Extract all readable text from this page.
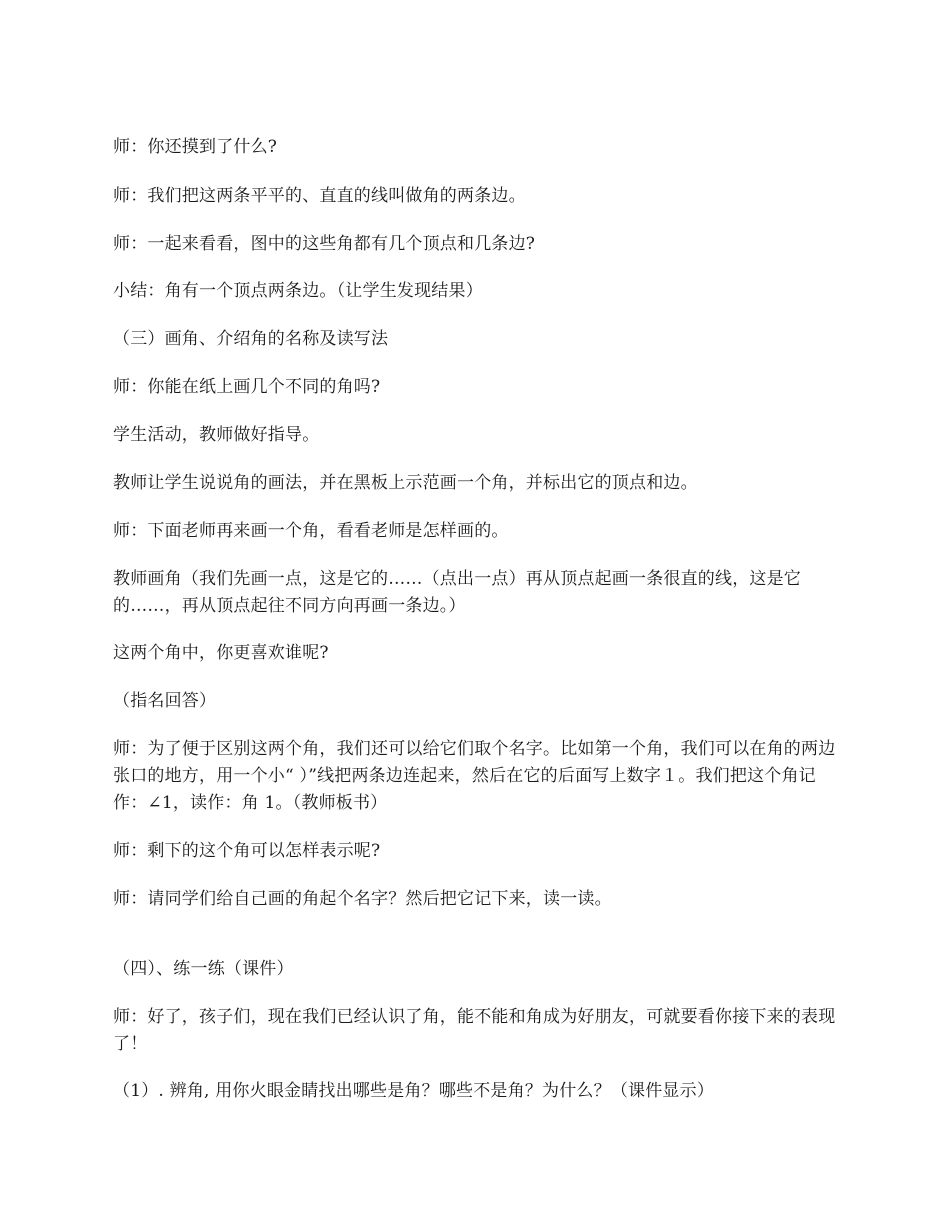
师：你还摸到了什么?
师：我们把这两条平平的、直直的线叫做角的两条边。
师：一起来看看，图中的这些角都有几个顶点和几条边?
小结：角有一个顶点两条边。（让学生发现结果）
（三）画角、介绍角的名称及读写法
师：你能在纸上画几个不同的角吗?
学生活动，教师做好指导。
教师让学生说说角的画法，并在黑板上示范画一个角，并标出它的顶点和边。
师：下面老师再来画一个角，看看老师是怎样画的。
教师画角（我们先画一点，这是它的……（点出一点）再从顶点起画一条很直的线，这是它的……，再从顶点起往不同方向再画一条边。）
这两个角中，你更喜欢谁呢?
（指名回答）
师：为了便于区别这两个角，我们还可以给它们取个名字。比如第一个角，我们可以在角的两边张口的地方，用一个小“ ）”线把两条边连起来，然后在它的后面写上数字１。我们把这个角记作：∠1，读作：角 1。（教师板书）
师：剩下的这个角可以怎样表示呢?
师：请同学们给自己画的角起个名字？然后把它记下来，读一读。
（四）、练一练（课件）
师：好了，孩子们，现在我们已经认识了角，能不能和角成为好朋友，可就要看你接下来的表现了！
（1）. 辨角, 用你火眼金睛找出哪些是角？哪些不是角？为什么？（课件显示）
